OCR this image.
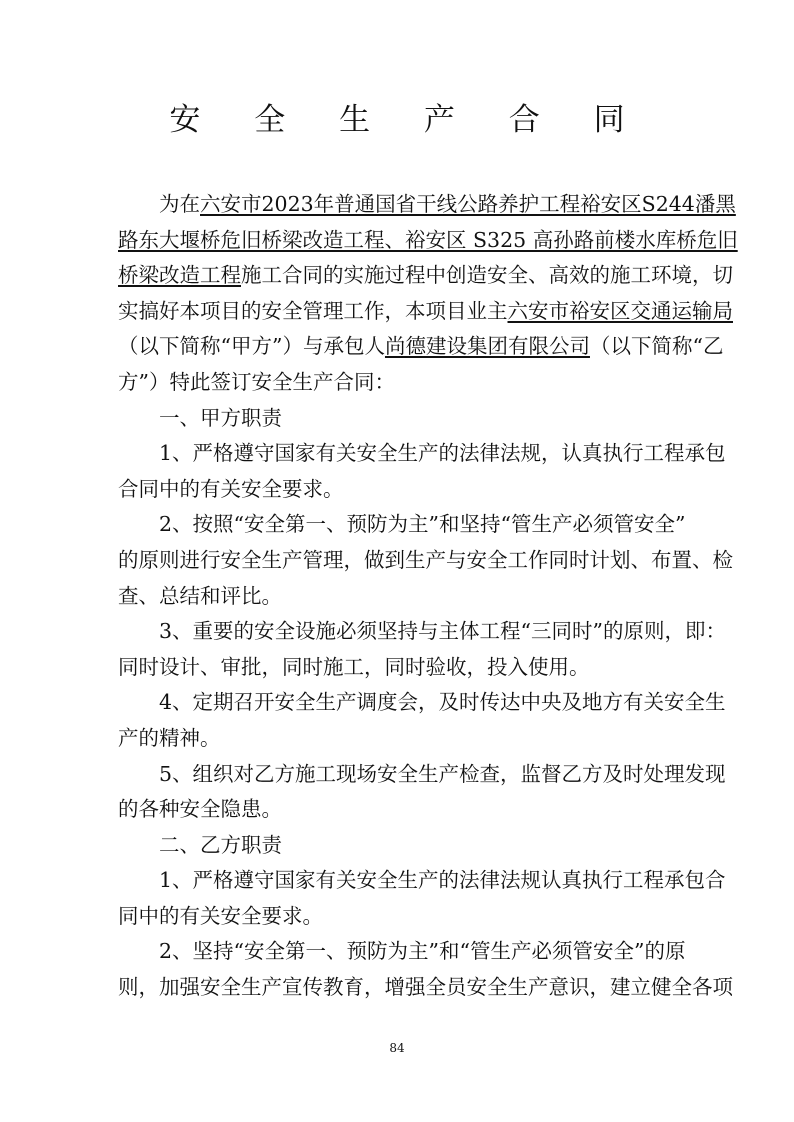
安 全 生 产 合 同
为在六安市2023年普通国省干线公路养护工程裕安区S244潘黑
路东大堰桥危旧桥梁改造工程、裕安区 S325 高孙路前楼水库桥危旧
桥梁改造工程施工合同的实施过程中创造安全、高效的施工环境，切
实搞好本项目的安全管理工作，本项目业主六安市裕安区交通运输局
（以下简称“甲方”）与承包人尚德建设集团有限公司（以下简称“乙
方”）特此签订安全生产合同：
一、甲方职责
1、严格遵守国家有关安全生产的法律法规，认真执行工程承包
合同中的有关安全要求。
2、按照“安全第一、预防为主”和坚持“管生产必须管安全”
的原则进行安全生产管理，做到生产与安全工作同时计划、布置、检
查、总结和评比。
3、重要的安全设施必须坚持与主体工程“三同时”的原则，即：
同时设计、审批，同时施工，同时验收，投入使用。
4、定期召开安全生产调度会，及时传达中央及地方有关安全生
产的精神。
5、组织对乙方施工现场安全生产检查，监督乙方及时处理发现
的各种安全隐患。
二、乙方职责
1、严格遵守国家有关安全生产的法律法规认真执行工程承包合
同中的有关安全要求。
2、坚持“安全第一、预防为主”和“管生产必须管安全”的原
则，加强安全生产宣传教育，增强全员安全生产意识，建立健全各项
84
